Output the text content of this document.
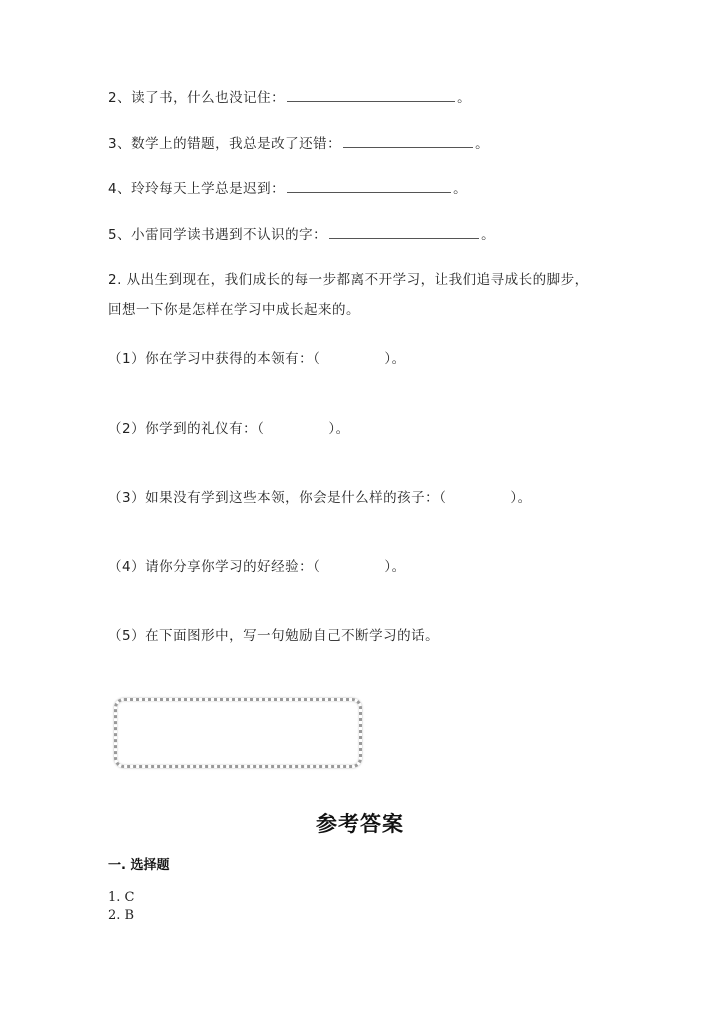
2、读了书，什么也没记住：	。
3、数学上的错题，我总是改了还错：	。
4、玲玲每天上学总是迟到：	。
5、小雷同学读书遇到不认识的字：	。
2. 从出生到现在，我们成长的每一步都离不开学习，让我们追寻成长的脚步，
回想一下你是怎样在学习中成长起来的。
（1）你在学习中获得的本领有：（	）。
（2）你学到的礼仪有：（	）。
（3）如果没有学到这些本领，你会是什么样的孩子：（	）。
（4）请你分享你学习的好经验：（	）。
（5）在下面图形中，写一句勉励自己不断学习的话。
参考答案
一. 选择题
1. C
2. B
